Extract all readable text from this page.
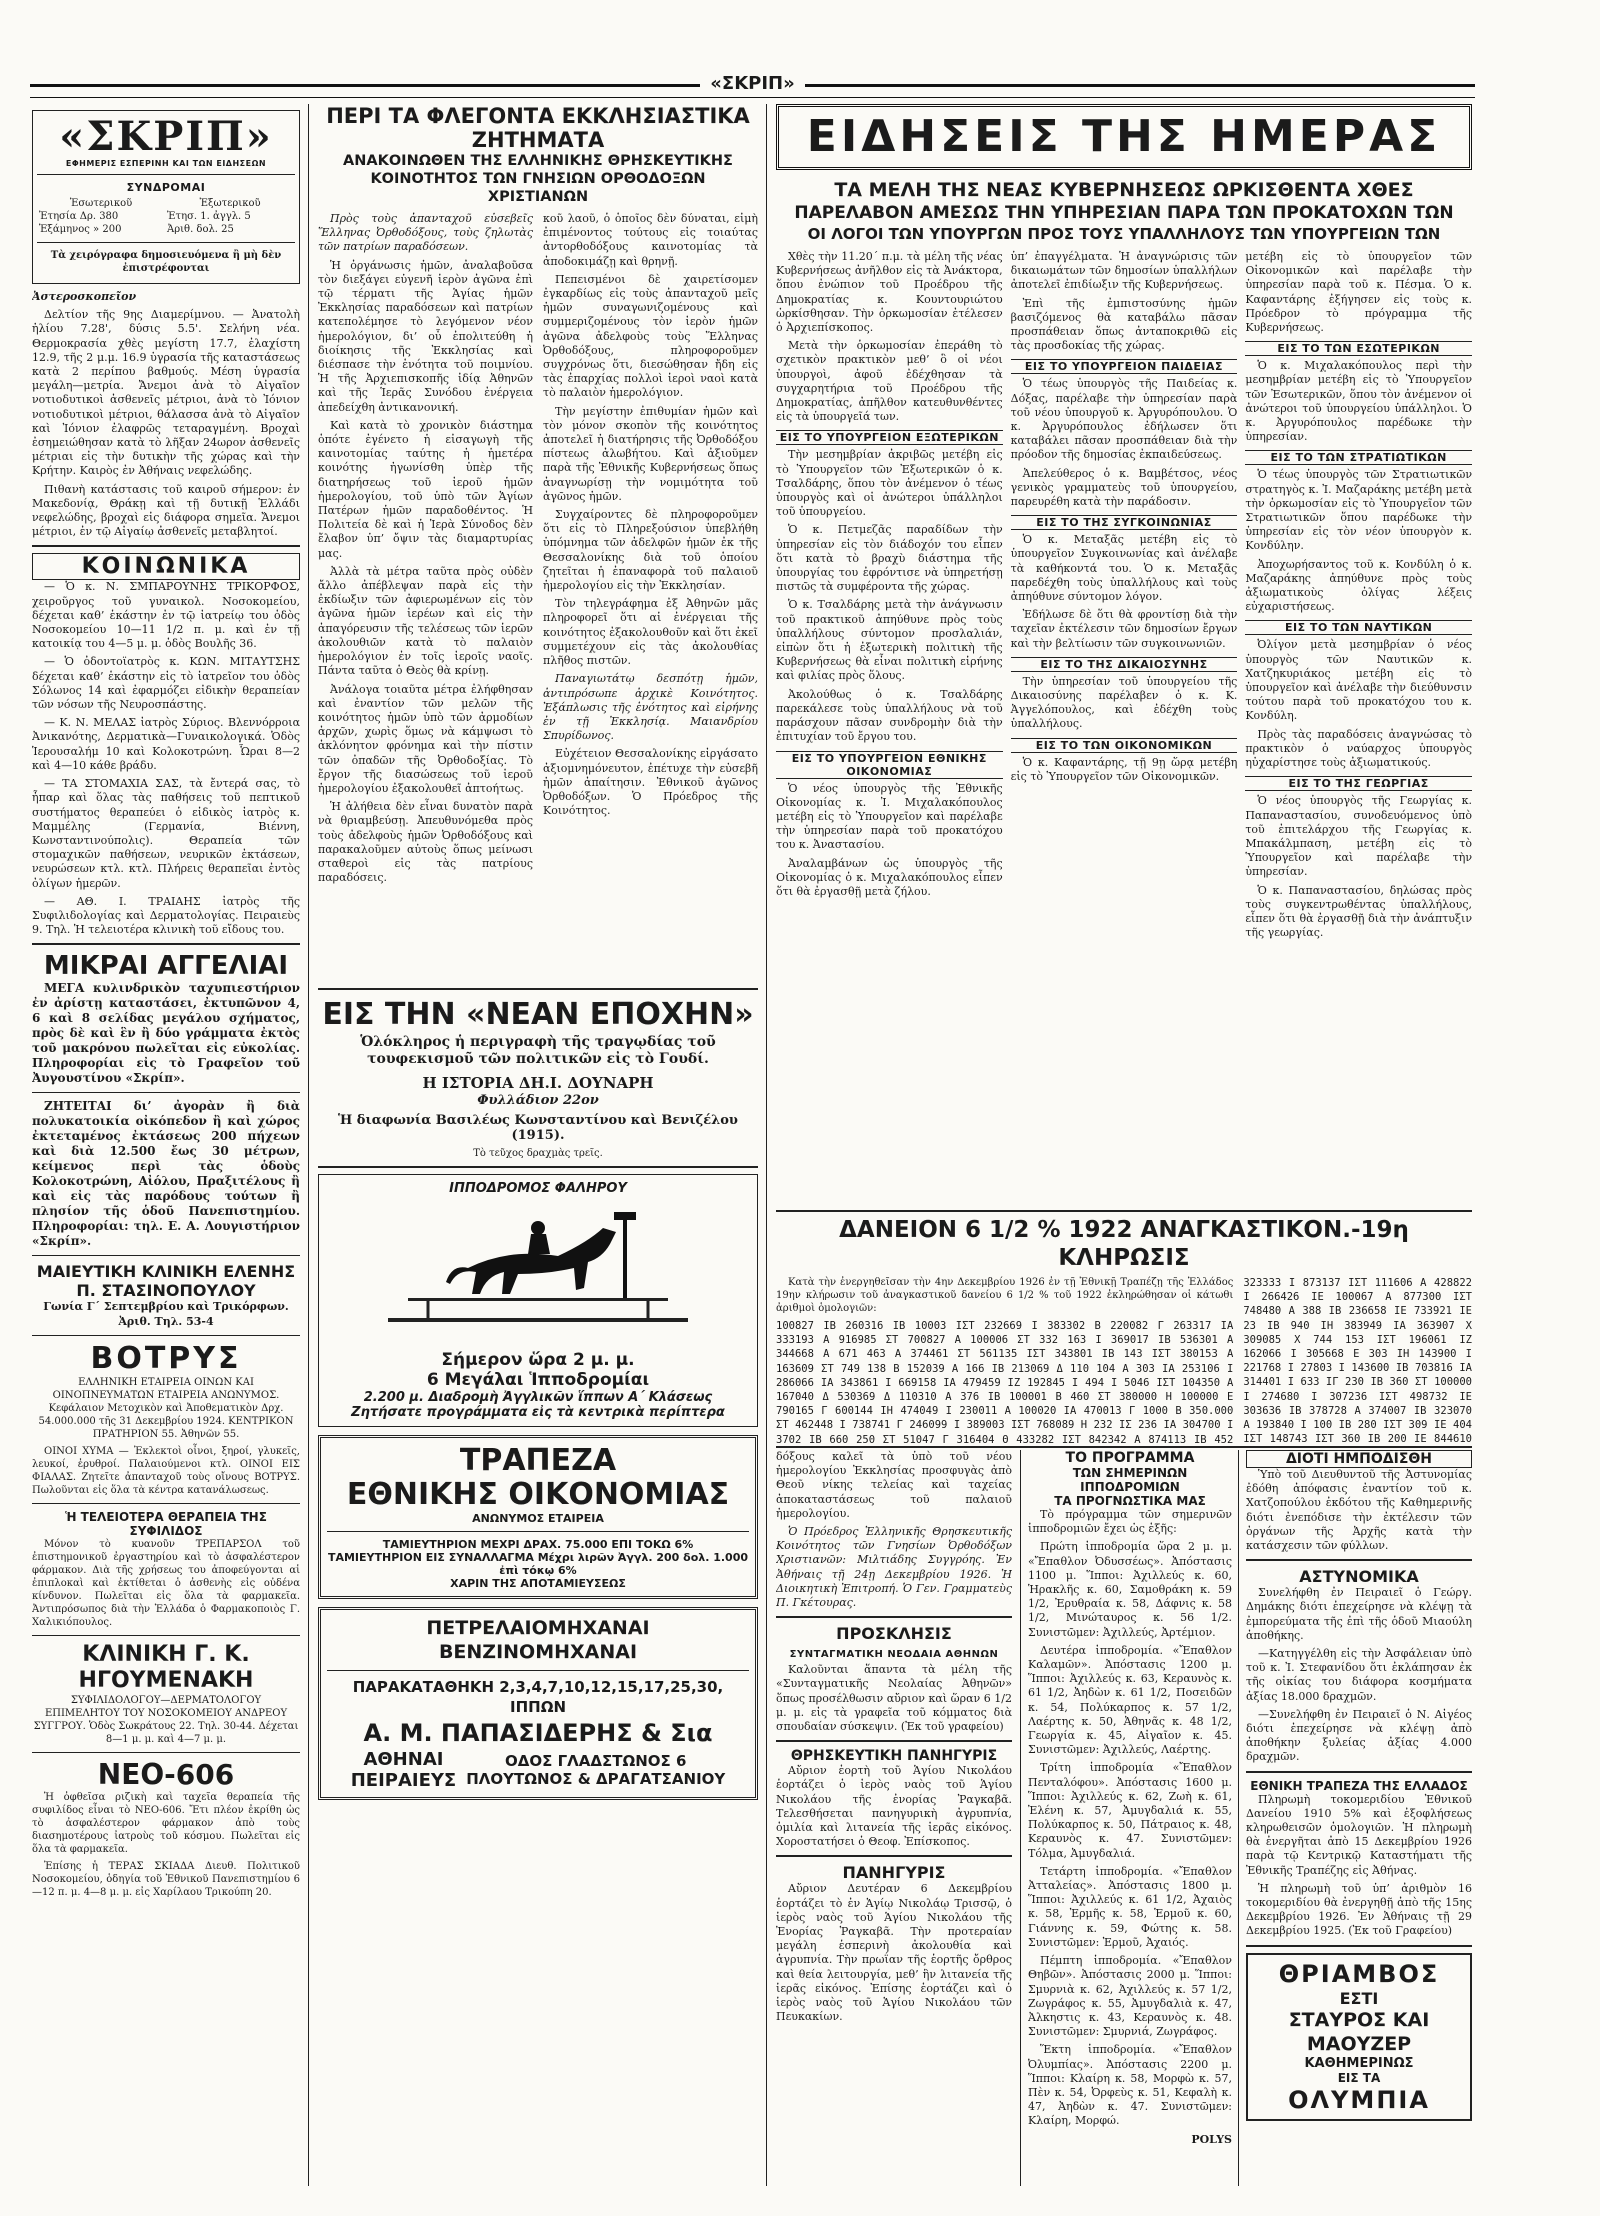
«ΣΚΡΙΠ»
«ΣΚΡΙΠ»
ΕΦΗΜΕΡΙΣ ΕΣΠΕΡΙΝΗ ΚΑΙ ΤΩΝ ΕΙΔΗΣΕΩΝ
ΣΥΝΔΡΟΜΑΙ
Ἐσωτερικοῦ	Ἐξωτερικοῦ
Ἐτησία Δρ. 380	Ἐτησ. 1. ἀγγλ. 5
Ἑξάμηνος » 200	Ἀριθ. δολ. 25
Τὰ χειρόγραφα δημοσιευόμενα ἢ μὴ δὲν ἐπιστρέφονται
Ἀστεροσκοπεῖον

Δελτίον τῆς 9ης Διαμερίμνου. — Ἀνατολὴ ἡλίου 7.28', δύσις 5.5'. Σελήνη νέα. Θερμοκρασία χθὲς μεγίστη 17.7, ἐλαχίστη 12.9, τῆς 2 μ.μ. 16.9 ὑγρασία τῆς καταστάσεως κατὰ 2 περίπου βαθμούς. Μέση ὑγρασία μεγάλη—μετρία. Ἄνεμοι ἀνὰ τὸ Αἰγαῖον νοτιοδυτικοὶ ἀσθενεῖς μέτριοι, ἀνὰ τὸ Ἰόνιον νοτιοδυτικοὶ μέτριοι, θάλασσα ἀνὰ τὸ Αἰγαῖον καὶ Ἰόνιον ἐλαφρῶς τεταραγμένη. Βροχαὶ ἐσημειώθησαν κατὰ τὸ λῆξαν 24ωρον ἀσθενεῖς μέτριαι εἰς τὴν δυτικὴν τῆς χώρας καὶ τὴν Κρήτην. Καιρὸς ἐν Ἀθήναις νεφελώδης.

Πιθανὴ κατάστασις τοῦ καιροῦ σήμερον: ἐν Μακεδονίᾳ, Θράκῃ καὶ τῇ δυτικῇ Ἑλλάδι νεφελώδης, βροχαὶ εἰς διάφορα σημεῖα. Ἄνεμοι μέτριοι, ἐν τῷ Αἰγαίῳ ἀσθενεῖς μεταβλητοί.

ΚΟΙΝΩΝΙΚΑ

— Ὁ κ. Ν. ΣΜΠΑΡΟΥΝΗΣ ΤΡΙΚΟΡΦΟΣ, χειροῦργος τοῦ γυναικολ. Νοσοκομείου, δέχεται καθ’ ἑκάστην ἐν τῷ ἰατρείῳ του ὁδὸς Νοσοκομείου 10—11 1/2 π. μ. καὶ ἐν τῇ κατοικίᾳ του 4—5 μ. μ. ὁδὸς Βουλῆς 36.

— Ὁ ὀδοντοϊατρὸς κ. ΚΩΝ. ΜΙΤΑΥΤΣΗΣ δέχεται καθ’ ἑκάστην εἰς τὸ ἰατρεῖον του ὁδὸς Σόλωνος 14 καὶ ἐφαρμόζει εἰδικὴν θεραπείαν τῶν νόσων τῆς Νευροσπάστης.

— Κ. Ν. ΜΕΛΑΣ ἰατρὸς Σύριος. Βλεννόρροια Ἀνικανότης, Δερματικὰ—Γυναικολογικά. Ὁδὸς Ἱερουσαλήμ 10 καὶ Κολοκοτρώνη. Ὧραι 8—2 καὶ 4—10 κάθε βράδυ.

— ΤΑ ΣΤΟΜΑΧΙΑ ΣΑΣ, τὰ ἔντερά σας, τὸ ἧπαρ καὶ ὅλας τὰς παθήσεις τοῦ πεπτικοῦ συστήματος θεραπεύει ὁ εἰδικὸς ἰατρὸς κ. Μαμμέλης (Γερμανία, Βιέννη, Κωνσταντινούπολις). Θεραπεία τῶν στομαχικῶν παθήσεων, νευρικῶν ἐκτάσεων, νευρώσεων κτλ. κτλ. Πλήρεις θεραπεῖαι ἐντὸς ὀλίγων ἡμερῶν.

— ΑΘ. Ι. ΤΡΑΙΑΗΣ ἰατρὸς τῆς Συφιλιδολογίας καὶ Δερματολογίας. Πειραιεὺς 9. Τηλ. Ἡ τελειοτέρα κλινικὴ τοῦ εἴδους του.

ΜΙΚΡΑΙ ΑΓΓΕΛΙΑΙ

ΜΕΓΑ κυλινδρικὸν ταχυπιεστήριον ἐν ἀρίστῃ καταστάσει, ἐκτυπῶνον 4, 6 καὶ 8 σελίδας μεγάλου σχήματος, πρὸς δὲ καὶ ἓν ἢ δύο γράμματα ἐκτὸς τοῦ μακρόνου πωλεῖται εἰς εὐκολίας. Πληροφορίαι εἰς τὸ Γραφεῖον τοῦ Ἀυγουστίνου «Σκρίπ».

ΖΗΤΕΙΤΑΙ δι’ ἀγορὰν ἢ διὰ πολυκατοικία οἰκόπεδον ἢ καὶ χώρος ἐκτεταμένος ἐκτάσεως 200 πήχεων καὶ διὰ 12.500 ἔως 30 μέτρων, κείμενος περὶ τὰς ὁδοὺς Κολοκοτρώνη, Αἰόλου, Πραξιτέλους ἢ καὶ εἰς τὰς παρόδους τούτων ἢ πλησίον τῆς ὁδοῦ Πανεπιστημίου. Πληροφορίαι: τηλ. Ε. Α. Λουγιστήριον «Σκρίπ».

ΜΑΙΕΥΤΙΚΗ ΚΛΙΝΙΚΗ ΕΛΕΝΗΣ Π. ΣΤΑΣΙΝΟΠΟΥΛΟΥ
Γωνία Γ΄ Σεπτεμβρίου καὶ Τρικόρφων. Ἀριθ. Τηλ. 53-4
ΒΟΤΡΥΣ

ΕΛΛΗΝΙΚΗ ΕΤΑΙΡΕΙΑ ΟΙΝΩΝ ΚΑΙ ΟΙΝΟΠΝΕΥΜΑΤΩΝ ΕΤΑΙΡΕΙΑ ΑΝΩΝΥΜΟΣ. Κεφάλαιον Μετοχικὸν καὶ Ἀποθεματικὸν Δρχ. 54.000.000 τῆς 31 Δεκεμβρίου 1924. ΚΕΝΤΡΙΚΟΝ ΠΡΑΤΗΡΙΟΝ 55. Ἀθηνῶν 55.

ΟΙΝΟΙ ΧΥΜΑ — Ἐκλεκτοὶ οἶνοι, ξηροί, γλυκεῖς, λευκοί, ἐρυθροί. Παλαιούμενοι κτλ. ΟΙΝΟΙ ΕΙΣ ΦΙΑΛΑΣ. Ζητεῖτε ἀπανταχοῦ τοὺς οἴνους ΒΟΤΡΥΣ. Πωλοῦνται εἰς ὅλα τὰ κέντρα κατανάλωσεως.

Ἡ ΤΕΛΕΙΟΤΕΡΑ ΘΕΡΑΠΕΙΑ ΤΗΣ ΣΥΦΙΛΙΔΟΣ

Μόνον τὸ κυανοῦν ΤΡΕΠΑΡΣΟΛ τοῦ ἐπιστημονικοῦ ἐργαστηρίου καὶ τὸ ἀσφαλέστερον φάρμακον. Διὰ τῆς χρήσεως του ἀποφεύγονται αἱ ἐπιπλοκαὶ καὶ ἐκτίθεται ὁ ἀσθενὴς εἰς οὐδένα κίνδυνον. Πωλεῖται εἰς ὅλα τὰ φαρμακεῖα. Ἀντιπρόσωπος διὰ τὴν Ἑλλάδα ὁ Φαρμακοποιὸς Γ. Χαλικιόπουλος.

ΚΛΙΝΙΚΗ Γ. Κ. ΗΓΟΥΜΕΝΑΚΗ

ΣΥΦΙΛΙΔΟΛΟΓΟΥ—ΔΕΡΜΑΤΟΛΟΓΟΥ ΕΠΙΜΕΛΗΤΟΥ ΤΟΥ ΝΟΣΟΚΟΜΕΙΟΥ ΑΝΔΡΕΟΥ ΣΥΓΓΡΟΥ. Ὁδὸς Σωκράτους 22. Τηλ. 30-44. Δέχεται 8—1 μ. μ. καὶ 4—7 μ. μ.

ΝΕΟ-606

Ἡ ὀφθεῖσα ριζικὴ καὶ ταχεῖα θεραπεία τῆς συφιλίδος εἶναι τὸ ΝΕΟ-606. Ἔτι πλέον ἐκρίθη ὡς τὸ ἀσφαλέστερον φάρμακον ἀπὸ τοὺς διασημοτέρους ἰατροὺς τοῦ κόσμου. Πωλεῖται εἰς ὅλα τὰ φαρμακεῖα.

Ἐπίσης ἡ ΤΕΡΑΣ ΣΚΙΑΔΑ Διευθ. Πολιτικοῦ Νοσοκομείου, ὁδηγία τοῦ Ἐθνικοῦ Πανεπιστημίου 6—12 π. μ. 4—8 μ. μ. εἰς Χαρίλαου Τρικούπη 20.

ΠΕΡΙ ΤΑ ΦΛΕΓΟΝΤΑ ΕΚΚΛΗΣΙΑΣΤΙΚΑ ΖΗΤΗΜΑΤΑ
ΑΝΑΚΟΙΝΩΘΕΝ ΤΗΣ ΕΛΛΗΝΙΚΗΣ ΘΡΗΣΚΕΥΤΙΚΗΣ ΚΟΙΝΟΤΗΤΟΣ ΤΩΝ ΓΝΗΣΙΩΝ ΟΡΘΟΔΟΞΩΝ ΧΡΙΣΤΙΑΝΩΝ

Πρὸς τοὺς ἀπανταχοῦ εὐσεβεῖς Ἕλληνας Ὀρθοδόξους, τοὺς ζηλωτὰς τῶν πατρίων παραδόσεων.

Ἡ ὀργάνωσις ἡμῶν, ἀναλαβοῦσα τὸν διεξάγει εὐγενῆ ἱερὸν ἀγῶνα ἐπὶ τῷ τέρματι τῆς Ἁγίας ἡμῶν Ἐκκλησίας παραδόσεων καὶ πατρίων κατεπολέμησε τὸ λεγόμενον νέον ἡμερολόγιον, δι’ οὗ ἐπολιτεύθη ἡ διοίκησις τῆς Ἐκκλησίας καὶ διέσπασε τὴν ἑνότητα τοῦ ποιμνίου. Ἡ τῆς Ἀρχιεπισκοπῆς ἰδίᾳ Ἀθηνῶν καὶ τῆς Ἱερᾶς Συνόδου ἐνέργεια ἀπεδείχθη ἀντικανονική.

Καὶ κατὰ τὸ χρονικὸν διάστημα ὁπότε ἐγένετο ἡ εἰσαγωγὴ τῆς καινοτομίας ταύτης ἡ ἡμετέρα κοινότης ἠγωνίσθη ὑπὲρ τῆς διατηρήσεως τοῦ ἱεροῦ ἡμῶν ἡμερολογίου, τοῦ ὑπὸ τῶν Ἁγίων Πατέρων ἡμῶν παραδοθέντος. Ἡ Πολιτεία δὲ καὶ ἡ Ἱερὰ Σύνοδος δὲν ἔλαβον ὑπ’ ὄψιν τὰς διαμαρτυρίας μας.

Ἀλλὰ τὰ μέτρα ταῦτα πρὸς οὐδὲν ἄλλο ἀπέβλεψαν παρὰ εἰς τὴν ἐκδίωξιν τῶν ἀφιερωμένων εἰς τὸν ἀγῶνα ἡμῶν ἱερέων καὶ εἰς τὴν ἀπαγόρευσιν τῆς τελέσεως τῶν ἱερῶν ἀκολουθιῶν κατὰ τὸ παλαιὸν ἡμερολόγιον ἐν τοῖς ἱεροῖς ναοῖς. Πάντα ταῦτα ὁ Θεὸς θὰ κρίνῃ.

Ἀνάλογα τοιαῦτα μέτρα ἐλήφθησαν καὶ ἐναντίον τῶν μελῶν τῆς κοινότητος ἡμῶν ὑπὸ τῶν ἀρμοδίων ἀρχῶν, χωρὶς ὅμως νὰ κάμψωσι τὸ ἀκλόνητον φρόνημα καὶ τὴν πίστιν τῶν ὀπαδῶν τῆς Ὀρθοδοξίας. Τὸ ἔργον τῆς διασώσεως τοῦ ἱεροῦ ἡμερολογίου ἐξακολουθεῖ ἀπτοήτως.

Ἡ ἀλήθεια δὲν εἶναι δυνατὸν παρὰ νὰ θριαμβεύσῃ. Ἀπευθυνόμεθα πρὸς τοὺς ἀδελφοὺς ἡμῶν Ὀρθοδόξους καὶ παρακαλοῦμεν αὐτοὺς ὅπως μείνωσι σταθεροὶ εἰς τὰς πατρίους παραδόσεις.

κοῦ λαοῦ, ὁ ὁποῖος δὲν δύναται, εἰμὴ ἐπιμένοντος τούτους εἰς τοιαύτας ἀντορθοδόξους καινοτομίας τὰ ἀποδοκιμάζῃ καὶ θρηνῇ.

Πεπεισμένοι δὲ χαιρετίσομεν ἐγκαρδίως εἰς τοὺς ἀπανταχοῦ μεῖς ἡμῶν συναγωνιζομένους καὶ συμμεριζομένους τὸν ἱερὸν ἡμῶν ἀγῶνα ἀδελφοὺς τοὺς Ἕλληνας Ὀρθοδόξους, πληροφοροῦμεν συγχρόνως ὅτι, διεσώθησαν ἤδη εἰς τὰς ἐπαρχίας πολλοὶ ἱεροὶ ναοὶ κατὰ τὸ παλαιὸν ἡμερολόγιον.

Τὴν μεγίστην ἐπιθυμίαν ἡμῶν καὶ τὸν μόνον σκοπὸν τῆς κοινότητος ἀποτελεῖ ἡ διατήρησις τῆς Ὀρθοδόξου πίστεως ἀλωβήτου. Καὶ ἀξιοῦμεν παρὰ τῆς Ἐθνικῆς Κυβερνήσεως ὅπως ἀναγνωρίσῃ τὴν νομιμότητα τοῦ ἀγῶνος ἡμῶν.

Συγχαίροντες δὲ πληροφοροῦμεν ὅτι εἰς τὸ Πληρεξούσιον ὑπεβλήθη ὑπόμνημα τῶν ἀδελφῶν ἡμῶν ἐκ τῆς Θεσσαλονίκης διὰ τοῦ ὁποίου ζητεῖται ἡ ἐπαναφορὰ τοῦ παλαιοῦ ἡμερολογίου εἰς τὴν Ἐκκλησίαν.

Τὸν τηλεγράφημα ἐξ Ἀθηνῶν μᾶς πληροφορεῖ ὅτι αἱ ἐνέργειαι τῆς κοινότητος ἐξακολουθοῦν καὶ ὅτι ἐκεῖ συμμετέχουν εἰς τὰς ἀκολουθίας πλῆθος πιστῶν.

Παναγιωτάτῳ δεσπότῃ ἡμῶν, ἀντιπρόσωπε ἀρχικὲ Κοινότητος. Ἐξάπλωσις τῆς ἑνότητος καὶ εἰρήνης ἐν τῇ Ἐκκλησίᾳ. Μαιανδρίου Σπυρίδωνος.

Εὐχέτειον Θεσσαλονίκης εἰργάσατο ἀξιομνημόνευτον, ἐπέτυχε τὴν εὐσεβῆ ἡμῶν ἀπαίτησιν. Ἐθνικοῦ ἀγῶνος Ὀρθοδόξων. Ὁ Πρόεδρος τῆς Κοινότητος.

ΕΙΣ ΤΗΝ «ΝΕΑΝ ΕΠΟΧΗΝ»
Ὁλόκληρος ἡ περιγραφὴ τῆς τραγῳδίας τοῦ τουφεκισμοῦ τῶν πολιτικῶν εἰς τὸ Γουδί.
Η ΙΣΤΟΡΙΑ ΔΗ.Ι. ΔΟΥΝΑΡΗ
Φυλλάδιον 22ον
Ἡ διαφωνία Βασιλέως Κωνσταντίνου καὶ Βενιζέλου (1915).
Τὸ τεῦχος δραχμὰς τρεῖς.
ΙΠΠΟΔΡΟΜΟΣ ΦΑΛΗΡΟΥ
Σήμερον ὥρα 2 μ. μ.
6 Μεγάλαι Ἱπποδρομίαι
2.200 μ. Διαδρομὴ Ἀγγλικῶν ἵππων Α΄ Κλάσεως
Ζητήσατε προγράμματα εἰς τὰ κεντρικὰ περίπτερα
ΤΡΑΠΕΖΑ
ΕΘΝΙΚΗΣ ΟΙΚΟΝΟΜΙΑΣ
ΑΝΩΝΥΜΟΣ ΕΤΑΙΡΕΙΑ
ΤΑΜΙΕΥΤΗΡΙΟΝ ΜΕΧΡΙ ΔΡΑΧ. 75.000 ΕΠΙ ΤΟΚΩ 6%
ΤΑΜΙΕΥΤΗΡΙΟΝ ΕΙΣ ΣΥΝΑΛΛΑΓΜΑ Μέχρι λιρῶν Ἀγγλ. 200 δολ. 1.000 ἐπὶ τόκῳ 6%
ΧΑΡΙΝ ΤΗΣ ΑΠΟΤΑΜΙΕΥΣΕΩΣ
ΠΕΤΡΕΛΑΙΟΜΗΧΑΝΑΙ ΒΕΝΖΙΝΟΜΗΧΑΝΑΙ
ΠΑΡΑΚΑΤΑΘΗΚΗ 2,3,4,7,10,12,15,17,25,30, ΙΠΠΩΝ
Α. Μ. ΠΑΠΑΣΙΔΕΡΗΣ & Σια
ΑΘΗΝΑΙ
ΠΕΙΡΑΙΕΥΣ
ΟΔΟΣ ΓΛΑΔΣΤΩΝΟΣ 6
ΠΛΟΥΤΩΝΟΣ & ΔΡΑΓΑΤΣΑΝΙΟΥ
ΕΙΔΗΣΕΙΣ ΤΗΣ ΗΜΕΡΑΣ
ΤΑ ΜΕΛΗ ΤΗΣ ΝΕΑΣ ΚΥΒΕΡΝΗΣΕΩΣ ΩΡΚΙΣΘΕΝΤΑ ΧΘΕΣ
ΠΑΡΕΛΑΒΟΝ ΑΜΕΣΩΣ ΤΗΝ ΥΠΗΡΕΣΙΑΝ ΠΑΡΑ ΤΩΝ ΠΡΟΚΑΤΟΧΩΝ ΤΩΝ
ΟΙ ΛΟΓΟΙ ΤΩΝ ΥΠΟΥΡΓΩΝ ΠΡΟΣ ΤΟΥΣ ΥΠΑΛΛΗΛΟΥΣ ΤΩΝ ΥΠΟΥΡΓΕΙΩΝ ΤΩΝ

Χθὲς τὴν 11.20΄ π.μ. τὰ μέλη τῆς νέας Κυβερνήσεως ἀνῆλθον εἰς τὰ Ἀνάκτορα, ὅπου ἐνώπιον τοῦ Προέδρου τῆς Δημοκρατίας κ. Κουντουριώτου ὡρκίσθησαν. Τὴν ὁρκωμοσίαν ἐτέλεσεν ὁ Ἀρχιεπίσκοπος.

Μετὰ τὴν ὁρκωμοσίαν ἐπεράθη τὸ σχετικὸν πρακτικὸν μεθ’ ὃ οἱ νέοι ὑπουργοὶ, ἀφοῦ ἐδέχθησαν τὰ συγχαρητήρια τοῦ Προέδρου τῆς Δημοκρατίας, ἀπῆλθον κατευθυνθέντες εἰς τὰ ὑπουργεῖά των.

ΕΙΣ ΤΟ ΥΠΟΥΡΓΕΙΟΝ ΕΞΩΤΕΡΙΚΩΝ

Τὴν μεσημβρίαν ἀκριβῶς μετέβη εἰς τὸ Ὑπουργεῖον τῶν Ἐξωτερικῶν ὁ κ. Τσαλδάρης, ὅπου τὸν ἀνέμενον ὁ τέως ὑπουργὸς καὶ οἱ ἀνώτεροι ὑπάλληλοι τοῦ ὑπουργείου.

Ὁ κ. Πετμεζᾶς παραδίδων τὴν ὑπηρεσίαν εἰς τὸν διάδοχόν του εἶπεν ὅτι κατὰ τὸ βραχὺ διάστημα τῆς ὑπουργίας του ἐφρόντισε νὰ ὑπηρετήσῃ πιστῶς τὰ συμφέροντα τῆς χώρας.

Ὁ κ. Τσαλδάρης μετὰ τὴν ἀνάγνωσιν τοῦ πρακτικοῦ ἀπηύθυνε πρὸς τοὺς ὑπαλλήλους σύντομον προσλαλιάν, εἰπὼν ὅτι ἡ ἐξωτερικὴ πολιτικὴ τῆς Κυβερνήσεως θὰ εἶναι πολιτικὴ εἰρήνης καὶ φιλίας πρὸς ὅλους.

Ἀκολούθως ὁ κ. Τσαλδάρης παρεκάλεσε τοὺς ὑπαλλήλους νὰ τοῦ παράσχουν πᾶσαν συνδρομὴν διὰ τὴν ἐπιτυχίαν τοῦ ἔργου του.

ΕΙΣ ΤΟ ΥΠΟΥΡΓΕΙΟΝ ΕΘΝΙΚΗΣ ΟΙΚΟΝΟΜΙΑΣ

Ὁ νέος ὑπουργὸς τῆς Ἐθνικῆς Οἰκονομίας κ. Ἰ. Μιχαλακόπουλος μετέβη εἰς τὸ Ὑπουργεῖον καὶ παρέλαβε τὴν ὑπηρεσίαν παρὰ τοῦ προκατόχου του κ. Ἀναστασίου.

Ἀναλαμβάνων ὡς ὑπουργὸς τῆς Οἰκονομίας ὁ κ. Μιχαλακόπουλος εἶπεν ὅτι θὰ ἐργασθῇ μετὰ ζήλου.

ὑπ’ ἐπαγγέλματα. Ἡ ἀναγνώρισις τῶν δικαιωμάτων τῶν δημοσίων ὑπαλλήλων ἀποτελεῖ ἐπιδίωξιν τῆς Κυβερνήσεως.

Ἐπὶ τῆς ἐμπιστοσύνης ἡμῶν βασιζόμενος θὰ καταβάλω πᾶσαν προσπάθειαν ὅπως ἀνταποκριθῶ εἰς τὰς προσδοκίας τῆς χώρας.

ΕΙΣ ΤΟ ΥΠΟΥΡΓΕΙΟΝ ΠΑΙΔΕΙΑΣ

Ὁ τέως ὑπουργὸς τῆς Παιδείας κ. Δόξας, παρέλαβε τὴν ὑπηρεσίαν παρὰ τοῦ νέου ὑπουργοῦ κ. Ἀργυρόπουλου. Ὁ κ. Ἀργυρόπουλος ἐδήλωσεν ὅτι καταβάλει πᾶσαν προσπάθειαν διὰ τὴν πρόοδον τῆς δημοσίας ἐκπαιδεύσεως.

Ἀπελεύθερος ὁ κ. Βαμβέτσος, νέος γενικὸς γραμματεὺς τοῦ ὑπουργείου, παρευρέθη κατὰ τὴν παράδοσιν.

ΕΙΣ ΤΟ ΤΗΣ ΣΥΓΚΟΙΝΩΝΙΑΣ

Ὁ κ. Μεταξᾶς μετέβη εἰς τὸ ὑπουργεῖον Συγκοινωνίας καὶ ἀνέλαβε τὰ καθήκοντά του. Ὁ κ. Μεταξᾶς παρεδέχθη τοὺς ὑπαλλήλους καὶ τοὺς ἀπηύθυνε σύντομον λόγον.

Ἐδήλωσε δὲ ὅτι θὰ φροντίσῃ διὰ τὴν ταχεῖαν ἐκτέλεσιν τῶν δημοσίων ἔργων καὶ τὴν βελτίωσιν τῶν συγκοινωνιῶν.

ΕΙΣ ΤΟ ΤΗΣ ΔΙΚΑΙΟΣΥΝΗΣ

Τὴν ὑπηρεσίαν τοῦ ὑπουργείου τῆς Δικαιοσύνης παρέλαβεν ὁ κ. Κ. Ἀγγελόπουλος, καὶ ἐδέχθη τοὺς ὑπαλλήλους.

ΕΙΣ ΤΟ ΤΩΝ ΟΙΚΟΝΟΜΙΚΩΝ

Ὁ κ. Καφαντάρης, τῇ 9ῃ ὥρᾳ μετέβη εἰς τὸ Ὑπουργεῖον τῶν Οἰκονομικῶν.

μετέβη εἰς τὸ ὑπουργεῖον τῶν Οἰκονομικῶν καὶ παρέλαβε τὴν ὑπηρεσίαν παρὰ τοῦ κ. Πέσμα. Ὁ κ. Καφαντάρης ἐξήγησεν εἰς τοὺς κ. Πρόεδρον τὸ πρόγραμμα τῆς Κυβερνήσεως.

ΕΙΣ ΤΟ ΤΩΝ ΕΣΩΤΕΡΙΚΩΝ

Ὁ κ. Μιχαλακόπουλος περὶ τὴν μεσημβρίαν μετέβη εἰς τὸ Ὑπουργεῖον τῶν Ἐσωτερικῶν, ὅπου τὸν ἀνέμενον οἱ ἀνώτεροι τοῦ ὑπουργείου ὑπάλληλοι. Ὁ κ. Ἀργυρόπουλος παρέδωκε τὴν ὑπηρεσίαν.

ΕΙΣ ΤΟ ΤΩΝ ΣΤΡΑΤΙΩΤΙΚΩΝ

Ὁ τέως ὑπουργὸς τῶν Στρατιωτικῶν στρατηγὸς κ. Ἰ. Μαζαράκης μετέβη μετὰ τὴν ὁρκωμοσίαν εἰς τὸ Ὑπουργεῖον τῶν Στρατιωτικῶν ὅπου παρέδωκε τὴν ὑπηρεσίαν εἰς τὸν νέον ὑπουργὸν κ. Κονδύλην.

Ἀποχωρήσαντος τοῦ κ. Κονδύλη ὁ κ. Μαζαράκης ἀπηύθυνε πρὸς τοὺς ἀξιωματικοὺς ὀλίγας λέξεις εὐχαριστήσεως.

ΕΙΣ ΤΟ ΤΩΝ ΝΑΥΤΙΚΩΝ

Ὀλίγον μετὰ μεσημβρίαν ὁ νέος ὑπουργὸς τῶν Ναυτικῶν κ. Χατζηκυριάκος μετέβη εἰς τὸ ὑπουργεῖον καὶ ἀνέλαβε τὴν διεύθυνσιν τούτου παρὰ τοῦ προκατόχου του κ. Κονδύλη.

Πρὸς τὰς παραδόσεις ἀναγνώσας τὸ πρακτικὸν ὁ ναύαρχος ὑπουργὸς ηὐχαρίστησε τοὺς ἀξιωματικούς.

ΕΙΣ ΤΟ ΤΗΣ ΓΕΩΡΓΙΑΣ

Ὁ νέος ὑπουργὸς τῆς Γεωργίας κ. Παπαναστασίου, συνοδευόμενος ὑπὸ τοῦ ἐπιτελάρχου τῆς Γεωργίας κ. Μπακάλμπαση, μετέβη εἰς τὸ Ὑπουργεῖον καὶ παρέλαβε τὴν ὑπηρεσίαν.

Ὁ κ. Παπαναστασίου, δηλώσας πρὸς τοὺς συγκεντρωθέντας ὑπαλλήλους, εἶπεν ὅτι θὰ ἐργασθῇ διὰ τὴν ἀνάπτυξιν τῆς γεωργίας.

ΔΑΝΕΙΟΝ 6 1/2 % 1922 ΑΝΑΓΚΑΣΤΙΚΟΝ.-19η ΚΛΗΡΩΣΙΣ

Κατὰ τὴν ἐνεργηθεῖσαν τὴν 4ην Δεκεμβρίου 1926 ἐν τῇ Ἐθνικῇ Τραπέζῃ τῆς Ἑλλάδος 19ην κλήρωσιν τοῦ ἀναγκαστικοῦ δανείου 6 1/2 % τοῦ 1922 ἐκληρώθησαν οἱ κάτωθι ἀριθμοὶ ὁμολογιῶν:

100827 ΙΒ 260316 ΙΒ 10003 ΙΣΤ 232669 Ι 383302 Β 220082 Γ 263317 ΙΑ 333193 Α 916985 ΣΤ 700827 Α 100006 ΣΤ 332 163 Ι 369017 ΙΒ 536301 Α 344668 Α 671 463 Α 374461 ΣΤ 561135 ΙΣΤ 343801 ΙΒ 143 ΙΣΤ 380153 Α 163609 ΣΤ 749 138 Β 152039 Α 166 ΙΒ 213069 Δ 110 104 Α 303 ΙΑ 253106 Ι 286066 ΙΑ 343861 Ι 669158 ΙΑ 479459 ΙΖ 192845 Ι 494 Ι 5046 ΙΣΤ 104350 Α 167040 Δ 530369 Δ 110310 Α 376 ΙΒ 100001 Β 460 ΣΤ 380000 Η 100000 Ε 790165 Γ 600144 ΙΗ 474049 Ι 230011 Α 100020 ΙΑ 470013 Γ 1000 Β 350.000 ΣΤ 462448 Ι 738741 Γ 246099 Ι 389003 ΙΣΤ 768089 Η 232 ΙΣ 236 ΙΑ 304700 Ι 3702 ΙΒ 660 250 ΣΤ 51047 Γ 316404 Θ 433282 ΙΣΤ 842342 Α 874113 ΙΒ 452

323333 Ι 873137 ΙΣΤ 111606 Α 428822 Ι 266426 ΙΕ 100067 Α 877300 ΙΣΤ 748480 Α 388 ΙΒ 236658 ΙΕ 733921 ΙΕ 23 ΙΒ 940 ΙΗ 383949 ΙΑ 363907 Χ 309085 Χ 744 153 ΙΣΤ 196061 ΙΖ 162066 Ι 305668 Ε 303 ΙΗ 143900 Ι 221768 Ι 27803 Ι 143600 ΙΒ 703816 ΙΑ 314401 Ι 633 ΙΓ 230 ΙΒ 360 ΣΤ 100000 Ι 274680 Ι 307236 ΙΣΤ 498732 ΙΕ 303636 ΙΒ 378728 Α 374007 ΙΒ 323070 Α 193840 Ι 100 ΙΒ 280 ΙΣΤ 309 ΙΕ 404 ΙΣΤ 148743 ΙΣΤ 360 ΙΒ 200 ΙΕ 844610

δόξους καλεῖ τὰ ὑπὸ τοῦ νέου ἡμερολογίου Ἐκκλησίας προσφυγὰς ἀπὸ Θεοῦ νίκης τελείας καὶ ταχείας ἀποκαταστάσεως τοῦ παλαιοῦ ἡμερολογίου.

Ὁ Πρόεδρος Ἑλληνικῆς Θρησκευτικῆς Κοινότητος τῶν Γνησίων Ὀρθοδόξων Χριστιανῶν: Μιλτιάδης Συγγρόης. Ἐν Ἀθήναις τῇ 24ῃ Δεκεμβρίου 1926. Ἡ Διοικητικὴ Ἐπιτροπή. Ὁ Γεν. Γραμματεὺς Π. Γκέτουρας.

ΠΡΟΣΚΛΗΣΙΣ
ΣΥΝΤΑΓΜΑΤΙΚΗ ΝΕΟΔΑΙΑ ΑΘΗΝΩΝ

Καλοῦνται ἅπαντα τὰ μέλη τῆς «Συνταγματικῆς Νεολαίας Ἀθηνῶν» ὅπως προσέλθωσιν αὔριον καὶ ὥραν 6 1/2 μ. μ. εἰς τὰ γραφεῖα τοῦ κόμματος διὰ σπουδαίαν σύσκεψιν. (Ἐκ τοῦ γραφείου)

ΘΡΗΣΚΕΥΤΙΚΗ ΠΑΝΗΓΥΡΙΣ

Αὔριον ἑορτὴ τοῦ Ἁγίου Νικολάου ἑορτάζει ὁ ἱερὸς ναὸς τοῦ Ἁγίου Νικολάου τῆς ἐνορίας Ῥαγκαβᾶ. Τελεσθήσεται πανηγυρικὴ ἀγρυπνία, ὁμιλία καὶ λιτανεία τῆς ἱερᾶς εἰκόνος. Χοροστατήσει ὁ Θεοφ. Ἐπίσκοπος.

ΠΑΝΗΓΥΡΙΣ

Αὔριον Δευτέραν 6 Δεκεμβρίου ἑορτάζει τὸ ἐν Ἁγίῳ Νικολάῳ Τρισσῷ, ὁ ἱερὸς ναὸς τοῦ Ἁγίου Νικολάου τῆς Ἐνορίας Ῥαγκαβᾶ. Τὴν προτεραίαν μεγάλη ἑσπερινὴ ἀκολουθία καὶ ἀγρυπνία. Τὴν πρωΐαν τῆς ἑορτῆς ὄρθρος καὶ θεία λειτουργία, μεθ’ ἣν λιτανεία τῆς ἱερᾶς εἰκόνος. Ἐπίσης ἑορτάζει καὶ ὁ ἱερὸς ναὸς τοῦ Ἁγίου Νικολάου τῶν Πευκακίων.

ΤΟ ΠΡΟΓΡΑΜΜΑ
ΤΩΝ ΣΗΜΕΡΙΝΩΝ ΙΠΠΟΔΡΟΜΙΩΝ
ΤΑ ΠΡΟΓΝΩΣΤΙΚΑ ΜΑΣ

Τὸ πρόγραμμα τῶν σημερινῶν ἱπποδρομιῶν ἔχει ὡς ἑξῆς:

Πρώτη ἱπποδρομία ὥρα 2 μ. μ. «Ἔπαθλον Ὀδυσσέως». Ἀπόστασις 1100 μ. Ἵπποι: Ἀχιλλεύς κ. 60, Ἡρακλῆς κ. 60, Σαμοθράκη κ. 59 1/2, Ἐρυθραία κ. 58, Δάφνις κ. 58 1/2, Μινώταυρος κ. 56 1/2. Συνιστῶμεν: Ἀχιλλεύς, Ἀρτέμιον.

Δευτέρα ἱπποδρομία. «Ἔπαθλον Καλαμῶν». Ἀπόστασις 1200 μ. Ἵπποι: Ἀχιλλεύς κ. 63, Κεραυνὸς κ. 61 1/2, Ἀηδὼν κ. 61 1/2, Ποσειδῶν κ. 54, Πολύκαρπος κ. 57 1/2, Λαέρτης κ. 50, Ἀθηνᾶς κ. 48 1/2, Γεωργία κ. 45, Αἰγαῖον κ. 45. Συνιστῶμεν: Ἀχιλλεύς, Λαέρτης.

Τρίτη ἱπποδρομία «Ἔπαθλον Πενταλόφου». Ἀπόστασις 1600 μ. Ἵπποι: Ἀχιλλεύς κ. 62, Ζωὴ κ. 61, Ἐλένη κ. 57, Ἀμυγδαλιά κ. 55, Πολύκαρπος κ. 50, Πάτραιος κ. 48, Κεραυνὸς κ. 47. Συνιστῶμεν: Τόλμα, Ἀμυγδαλιά.

Τετάρτη ἱπποδρομία. «Ἔπαθλον Ἀτταλείας». Ἀπόστασις 1800 μ. Ἵπποι: Ἀχιλλεύς κ. 61 1/2, Ἀχαιὸς κ. 58, Ἐρμῆς κ. 58, Ἑρμοῦ κ. 60, Γιάννης κ. 59, Φώτης κ. 58. Συνιστῶμεν: Ἑρμοῦ, Ἀχαιός.

Πέμπτη ἱπποδρομία. «Ἔπαθλον Θηβῶν». Ἀπόστασις 2000 μ. Ἵπποι: Σμυρνιὰ κ. 62, Ἀχιλλεύς κ. 57 1/2, Ζωγράφος κ. 55, Ἀμυγδαλιὰ κ. 47, Ἀλκηστις κ. 43, Κεραυνὸς κ. 48. Συνιστῶμεν: Σμυρνιά, Ζωγράφος.

Ἕκτη ἱπποδρομία. «Ἔπαθλον Ὀλυμπίας». Ἀπόστασις 2200 μ. Ἵπποι: Κλαίρη κ. 58, Μορφὼ κ. 57, Πὲν κ. 54, Ὀρφεὺς κ. 51, Κεφαλὴ κ. 47, Ἀηδὼν κ. 47. Συνιστῶμεν: Κλαίρη, Μορφώ.

POLYS
ΔΙΟΤΙ ΗΜΠΟΔΙΣΘΗ

Ὑπὸ τοῦ Διευθυντοῦ τῆς Ἀστυνομίας ἐδόθη ἀπόφασις ἐναντίον τοῦ κ. Χατζοπούλου ἐκδότου τῆς Καθημερινῆς διότι ἐνεπόδισε τὴν ἐκτέλεσιν τῶν ὀργάνων τῆς Ἀρχῆς κατὰ τὴν κατάσχεσιν τῶν φύλλων.

ΑΣΤΥΝΟΜΙΚΑ

Συνελήφθη ἐν Πειραιεῖ ὁ Γεώργ. Δημάκης διότι ἐπεχείρησε νὰ κλέψῃ τὰ ἐμπορεύματα τῆς ἐπὶ τῆς ὁδοῦ Μιαούλη ἀποθήκης.

—Κατηγγέλθη εἰς τὴν Ἀσφάλειαν ὑπὸ τοῦ κ. Ἰ. Στεφανίδου ὅτι ἐκλάπησαν ἐκ τῆς οἰκίας του διάφορα κοσμήματα ἀξίας 18.000 δραχμῶν.

—Συνελήφθη ἐν Πειραιεῖ ὁ Ν. Αἰγέος διότι ἐπεχείρησε νὰ κλέψῃ ἀπὸ ἀποθήκην ξυλείας ἀξίας 4.000 δραχμῶν.

ΕΘΝΙΚΗ ΤΡΑΠΕΖΑ ΤΗΣ ΕΛΛΑΔΟΣ

Πληρωμὴ τοκομεριδίου Ἐθνικοῦ Δανείου 1910 5% καὶ ἐξοφλήσεως κληρωθεισῶν ὁμολογιῶν. Ἡ πληρωμὴ θὰ ἐνεργῆται ἀπὸ 15 Δεκεμβρίου 1926 παρὰ τῷ Κεντρικῷ Καταστήματι τῆς Ἐθνικῆς Τραπέζης εἰς Ἀθήνας.

Ἡ πληρωμὴ τοῦ ὑπ’ ἀριθμὸν 16 τοκομεριδίου θὰ ἐνεργηθῇ ἀπὸ τῆς 15ης Δεκεμβρίου 1926. Ἐν Ἀθήναις τῇ 29 Δεκεμβρίου 1925. (Ἐκ τοῦ Γραφείου)

ΘΡΙΑΜΒΟΣ
ΕΣΤΙ
ΣΤΑΥΡΟΣ ΚΑΙ ΜΑΟΥΖΕΡ
ΚΑΘΗΜΕΡΙΝΩΣ
ΕΙΣ ΤΑ
ΟΛΥΜΠΙΑ
